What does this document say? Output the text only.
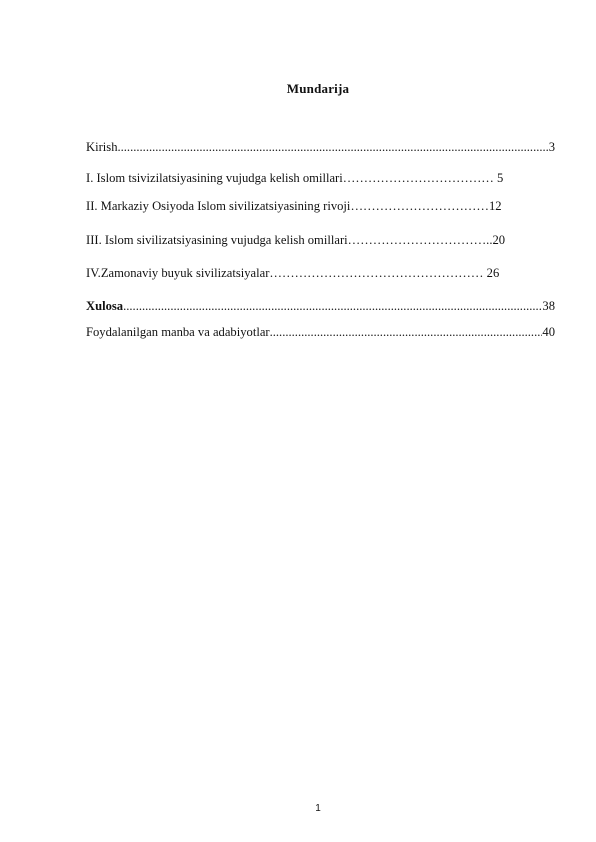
Mundarija
Kirish .....	3
I. Islom tsivizilatsiyasining vujudga kelish omillari……………………………… 5
II. Markaziy Osiyoda Islom sivilizatsiyasining rivoji……………………………12
III. Islom sivilizatsiyasining vujudga kelish omillari……………………………..20
IV.Zamonaviy buyuk sivilizatsiyalar…………………………………………… 26
Xulosa .....	38
Foydalanilgan manba va adabiyotlar .....	40
1
